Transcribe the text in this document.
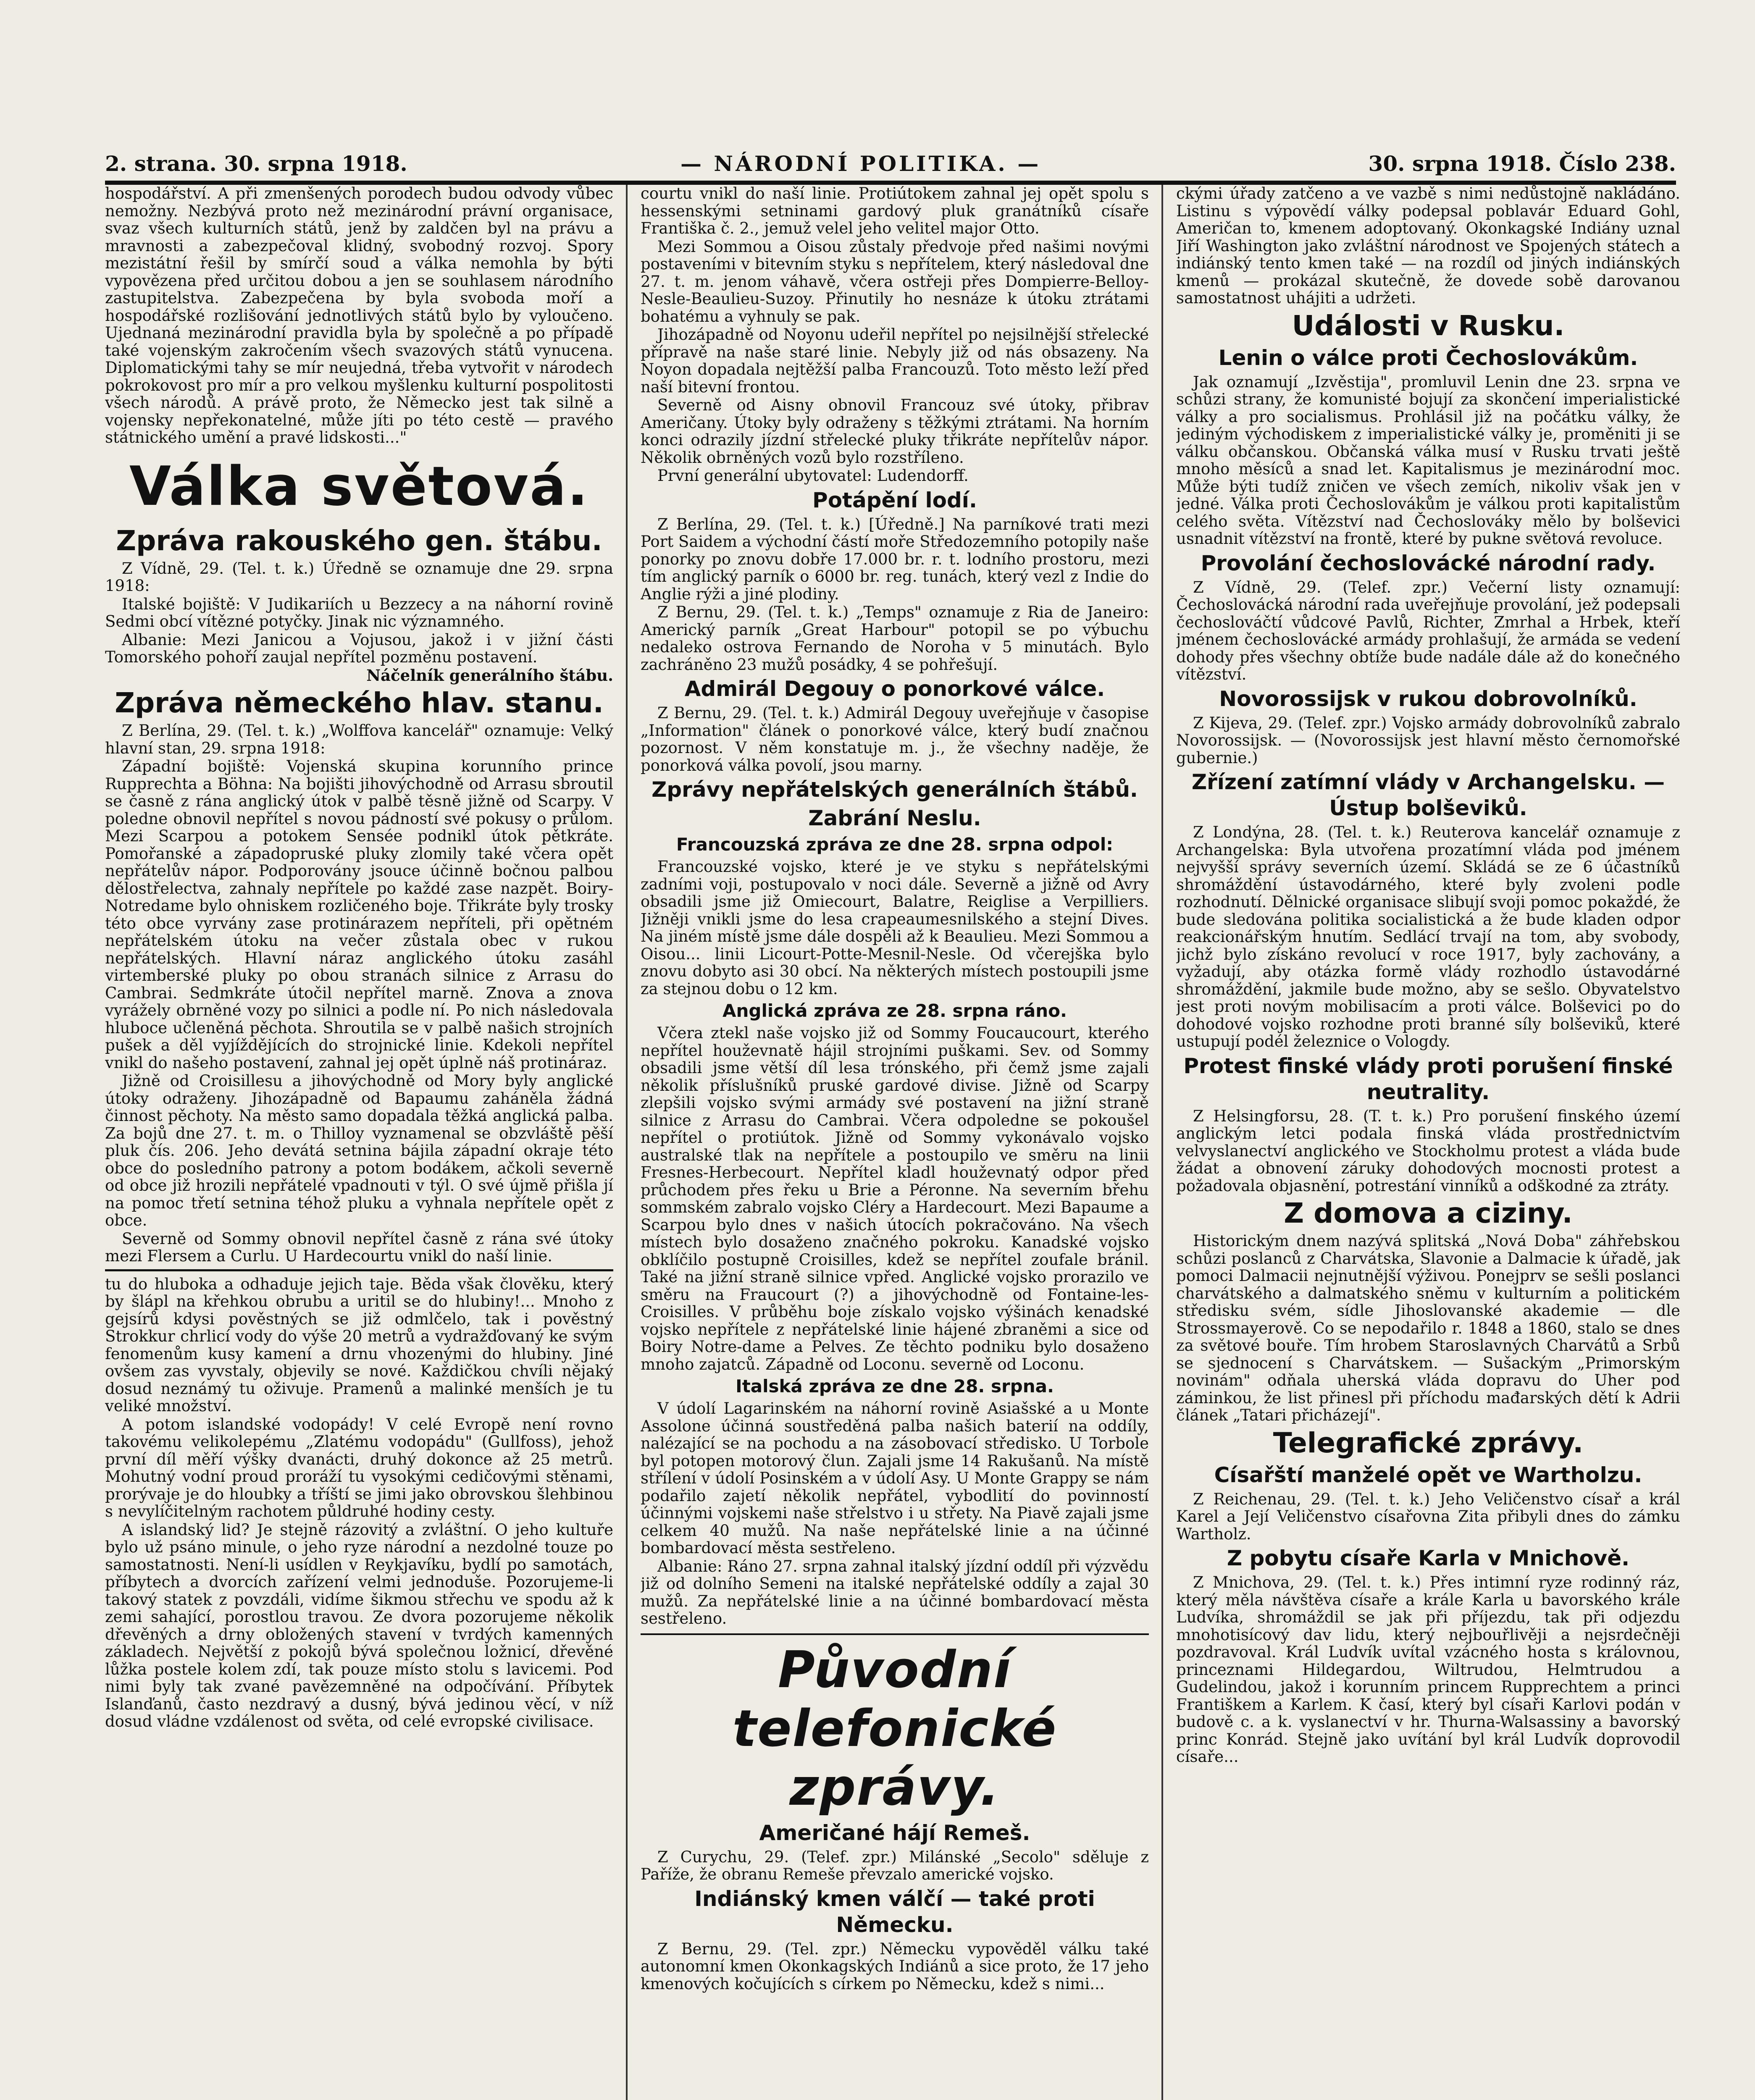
2. strana. 30. srpna 1918.	— NÁRODNÍ POLITIKA. —	30. srpna 1918. Číslo 238.

hospodářství. A při zmenšených porodech budou odvody vůbec nemožny. Nezbývá proto než mezinárodní právní organisace, svaz všech kulturních států, jenž by zaldčen byl na právu a mravnosti a zabezpečoval klidný, svobodný rozvoj. Spory mezistátní řešil by smírčí soud a válka nemohla by býti vypovězena před určitou dobou a jen se souhlasem národního zastupitelstva. Zabezpečena by byla svoboda moří a hospodářské rozlišování jednotlivých států bylo by vyloučeno. Ujednaná mezinárodní pravidla byla by společně a po případě také vojenským zakročením všech svazových států vynucena. Diplomatickými tahy se mír neujedná, třeba vytvořit v národech pokrokovost pro mír a pro velkou myšlenku kulturní pospolitosti všech národů. A právě proto, že Německo jest tak silně a vojensky nepřekonatelné, může jíti po této cestě — pravého státnického umění a pravé lidskosti..."

Válka světová.
Zpráva rakouského gen. štábu.

Z Vídně, 29. (Tel. t. k.) Úředně se oznamuje dne 29. srpna 1918:

Italské bojiště: V Judikariích u Bezzecy a na náhorní rovině Sedmi obcí vítězné potyčky. Jinak nic významného.

Albanie: Mezi Janicou a Vojusou, jakož i v jižní části Tomorského pohoří zaujal nepřítel pozměnu postavení.

Náčelník generálního štábu.

Zpráva německého hlav. stanu.

Z Berlína, 29. (Tel. t. k.) „Wolffova kancelář" oznamuje: Velký hlavní stan, 29. srpna 1918:

Západní bojiště: Vojenská skupina korunního prince Rupprechta a Böhna: Na bojišti jihovýchodně od Arrasu sbroutil se časně z rána anglický útok v palbě těsně jižně od Scarpy. V poledne obnovil nepřítel s novou pádností své pokusy o průlom. Mezi Scarpou a potokem Sensée podnikl útok pětkráte. Pomořanské a západopruské pluky zlomily také včera opět nepřátelův nápor. Podporovány jsouce účinně bočnou palbou dělostřelectva, zahnaly nepřítele po každé zase nazpět. Boiry-Notredame bylo ohniskem rozličeného boje. Třikráte byly trosky této obce vyrvány zase protinárazem nepříteli, při opětném nepřátelském útoku na večer zůstala obec v rukou nepřátelských. Hlavní náraz anglického útoku zasáhl virtemberské pluky po obou stranách silnice z Arrasu do Cambrai. Sedmkráte útočil nepřítel marně. Znova a znova vyrážely obrněné vozy po silnici a podle ní. Po nich následovala hluboce učleněná pěchota. Shroutila se v palbě našich strojních pušek a děl vyjíždějících do strojnické linie. Kdekoli nepřítel vnikl do našeho postavení, zahnal jej opět úplně náš protináraz.

Jižně od Croisillesu a jihovýchodně od Mory byly anglické útoky odraženy. Jihozápadně od Bapaumu zaháněla žádná činnost pěchoty. Na město samo dopadala těžká anglická palba. Za bojů dne 27. t. m. o Thilloy vyznamenal se obzvláště pěší pluk čís. 206. Jeho devátá setnina bájila západní okraje této obce do posledního patrony a potom bodákem, ačkoli severně od obce již hrozili nepřátelé vpadnouti v týl. O své újmě přišla jí na pomoc třetí setnina téhož pluku a vyhnala nepřítele opět z obce.

Severně od Sommy obnovil nepřítel časně z rána své útoky mezi Flersem a Curlu. U Hardecourtu vnikl do naší linie.

tu do hluboka a odhaduje jejich taje. Běda však člověku, který by šlápl na křehkou obrubu a uritil se do hlubiny!... Mnoho z gejsírů kdysi pověstných se již odmlčelo, tak i pověstný Strokkur chrlicí vody do výše 20 metrů a vydražďovaný ke svým fenomenům kusy kamení a drnu vhozenými do hlubiny. Jiné ovšem zas vyvstaly, objevily se nové. Každičkou chvíli nějaký dosud neznámý tu oživuje. Pramenů a malinké menších je tu veliké množství.

A potom islandské vodopády! V celé Evropě není rovno takovému velikolepému „Zlatému vodopádu" (Gullfoss), jehož první díl měří výšky dvanácti, druhý dokonce až 25 metrů. Mohutný vodní proud proráží tu vysokými cedičovými stěnami, prorývaje je do hloubky a tříští se jimi jako obrovskou šlehbinou s nevylíčitelným rachotem půldruhé hodiny cesty.

A islandský lid? Je stejně rázovitý a zvláštní. O jeho kultuře bylo už psáno minule, o jeho ryze národní a nezdolné touze po samostatnosti. Není-li usídlen v Reykjavíku, bydlí po samotách, příbytech a dvorcích zařízení velmi jednoduše. Pozorujeme-li takový statek z povzdáli, vidíme šikmou střechu ve spodu až k zemi sahající, porostlou travou. Ze dvora pozorujeme několik dřevěných a drny obložených stavení v tvrdých kamenných základech. Největší z pokojů bývá společnou ložnicí, dřevěné lůžka postele kolem zdí, tak pouze místo stolu s lavicemi. Pod nimi byly tak zvané pavězemněné na odpočívání. Příbytek Islanďanů, často nezdravý a dusný, bývá jedinou věcí, v níž dosud vládne vzdálenost od světa, od celé evropské civilisace.

courtu vnikl do naší linie. Protiútokem zahnal jej opět spolu s hessenskými setninami gardový pluk granátníků císaře Františka č. 2., jemuž velel jeho velitel major Otto.

Mezi Sommou a Oisou zůstaly předvoje před našimi novými postaveními v bitevním styku s nepřítelem, který následoval dne 27. t. m. jenom váhavě, včera ostřeji přes Dompierre-Belloy-Nesle-Beaulieu-Suzoy. Přinutily ho nesnáze k útoku ztrátami bohatému a vyhnuly se pak.

Jihozápadně od Noyonu udeřil nepřítel po nejsilnější střelecké přípravě na naše staré linie. Nebyly již od nás obsazeny. Na Noyon dopadala nejtěžší palba Francouzů. Toto město leží před naší bitevní frontou.

Severně od Aisny obnovil Francouz své útoky, přibrav Američany. Útoky byly odraženy s těžkými ztrátami. Na horním konci odrazily jízdní střelecké pluky třikráte nepřítelův nápor. Několik obrněných vozů bylo rozstříleno.

První generální ubytovatel: Ludendorff.

Potápění lodí.

Z Berlína, 29. (Tel. t. k.) [Úředně.] Na parníkové trati mezi Port Saidem a východní částí moře Středozemního potopily naše ponorky po znovu dobře 17.000 br. r. t. lodního prostoru, mezi tím anglický parník o 6000 br. reg. tunách, který vezl z Indie do Anglie rýži a jiné plodiny.

Z Bernu, 29. (Tel. t. k.) „Temps" oznamuje z Ria de Janeiro: Americký parník „Great Harbour" potopil se po výbuchu nedaleko ostrova Fernando de Noroha v 5 minutách. Bylo zachráněno 23 mužů posádky, 4 se pohřešují.

Admirál Degouy o ponorkové válce.

Z Bernu, 29. (Tel. t. k.) Admirál Degouy uveřejňuje v časopise „Information" článek o ponorkové válce, který budí značnou pozornost. V něm konstatuje m. j., že všechny naděje, že ponorková válka povolí, jsou marny.

Zprávy nepřátelských generálních štábů.
Zabrání Neslu.
Francouzská zpráva ze dne 28. srpna odpol:

Francouzské vojsko, které je ve styku s nepřátelskými zadními voji, postupovalo v noci dále. Severně a jižně od Avry obsadili jsme již Omiecourt, Balatre, Reiglise a Verpilliers. Jižněji vnikli jsme do lesa crapeaumesnilského a stejní Dives. Na jiném místě jsme dále dospěli až k Beaulieu. Mezi Sommou a Oisou... linii Licourt-Potte-Mesnil-Nesle. Od včerejška bylo znovu dobyto asi 30 obcí. Na některých místech postoupili jsme za stejnou dobu o 12 km.

Anglická zpráva ze 28. srpna ráno.

Včera ztekl naše vojsko již od Sommy Foucaucourt, kterého nepřítel houževnatě hájil strojními puškami. Sev. od Sommy obsadili jsme větší díl lesa trónského, při čemž jsme zajali několik příslušníků pruské gardové divise. Jižně od Scarpy zlepšili vojsko svými armády své postavení na jižní straně silnice z Arrasu do Cambrai. Včera odpoledne se pokoušel nepřítel o protiútok. Jižně od Sommy vykonávalo vojsko australské tlak na nepřítele a postoupilo ve směru na linii Fresnes-Herbecourt. Nepřítel kladl houževnatý odpor před průchodem přes řeku u Brie a Péronne. Na severním břehu sommském zabralo vojsko Cléry a Hardecourt. Mezi Bapaume a Scarpou bylo dnes v našich útocích pokračováno. Na všech místech bylo dosaženo značného pokroku. Kanadské vojsko obklíčilo postupně Croisilles, kdež se nepřítel zoufale bránil. Také na jižní straně silnice vpřed. Anglické vojsko prorazilo ve směru na Fraucourt (?) a jihovýchodně od Fontaine-les-Croisilles. V průběhu boje získalo vojsko výšinách kenadské vojsko nepřítele z nepřátelské linie hájené zbraněmi a sice od Boiry Notre-dame a Pelves. Ze těchto podniku bylo dosaženo mnoho zajatců. Západně od Loconu. severně od Loconu.

Italská zpráva ze dne 28. srpna.

V údolí Lagarinském na náhorní rovině Asiašské a u Monte Assolone účinná soustředěná palba našich baterií na oddíly, nalézající se na pochodu a na zásobovací středisko. U Torbole byl potopen motorový člun. Zajali jsme 14 Rakušanů. Na místě střílení v údolí Posinském a v údolí Asy. U Monte Grappy se nám podařilo zajetí několik nepřátel, vybodlití do povinností účinnými vojskemi naše střelstvo i u střety. Na Piavě zajali jsme celkem 40 mužů. Na naše nepřátelské linie a na účinné bombardovací města sestřeleno.

Albanie: Ráno 27. srpna zahnal italský jízdní oddíl při výzvědu již od dolního Semeni na italské nepřátelské oddíly a zajal 30 mužů. Za nepřátelské linie a na účinné bombardovací města sestřeleno.

Původní telefonické zprávy.
Američané hájí Remeš.

Z Curychu, 29. (Telef. zpr.) Milánské „Secolo" sděluje z Paříže, že obranu Remeše převzalo americké vojsko.

Indiánský kmen válčí — také proti Německu.

Z Bernu, 29. (Tel. zpr.) Německu vypověděl válku také autonomní kmen Okonkagských Indiánů a sice proto, že 17 jeho kmenových kočujících s církem po Německu, kdež s nimi...

ckými úřady zatčeno a ve vazbě s nimi nedůstojně nakládáno. Listinu s výpovědí války podepsal poblavár Eduard Gohl, Američan to, kmenem adoptovaný. Okonkagské Indiány uznal Jiří Washington jako zvláštní národnost ve Spojených státech a indiánský tento kmen také — na rozdíl od jiných indiánských kmenů — prokázal skutečně, že dovede sobě darovanou samostatnost uhájiti a udržeti.

Události v Rusku.
Lenin o válce proti Čechoslovákům.

Jak oznamují „Izvěstija", promluvil Lenin dne 23. srpna ve schůzi strany, že komunisté bojují za skončení imperialistické války a pro socialismus. Prohlásil již na počátku války, že jediným východiskem z imperialistické války je, proměniti ji se válku občanskou. Občanská válka musí v Rusku trvati ještě mnoho měsíců a snad let. Kapitalismus je mezinárodní moc. Může býti tudíž zničen ve všech zemích, nikoliv však jen v jedné. Válka proti Čechoslovákům je válkou proti kapitalistům celého světa. Vítězství nad Čechoslováky mělo by bolševici usnadnit vítězství na frontě, které by pukne světová revoluce.

Provolání čechoslovácké národní rady.

Z Vídně, 29. (Telef. zpr.) Večerní listy oznamují: Čechoslovácká národní rada uveřejňuje provolání, jež podepsali čechoslováčtí vůdcové Pavlů, Richter, Zmrhal a Hrbek, kteří jménem čechoslovácké armády prohlašují, že armáda se vedení dohody přes všechny obtíže bude nadále dále až do konečného vítězství.

Novorossijsk v rukou dobrovolníků.

Z Kijeva, 29. (Telef. zpr.) Vojsko armády dobrovolníků zabralo Novorossijsk. — (Novorossijsk jest hlavní město černomořské gubernie.)

Zřízení zatímní vlády v Archangelsku. — Ústup bolševiků.

Z Londýna, 28. (Tel. t. k.) Reuterova kancelář oznamuje z Archangelska: Byla utvořena prozatímní vláda pod jménem nejvyšší správy severních území. Skládá se ze 6 účastníků shromáždění ústavodárného, které byly zvoleni podle rozhodnutí. Dělnické organisace slibují svoji pomoc pokaždé, že bude sledována politika socialistická a že bude kladen odpor reakcionářským hnutím. Sedlácí trvají na tom, aby svobody, jichž bylo získáno revolucí v roce 1917, byly zachovány, a vyžadují, aby otázka formě vlády rozhodlo ústavodárné shromáždění, jakmile bude možno, aby se sešlo. Obyvatelstvo jest proti novým mobilisacím a proti válce. Bolševici po do dohodové vojsko rozhodne proti branné síly bolševiků, které ustupují podél železnice o Vologdy.

Protest finské vlády proti porušení finské neutrality.

Z Helsingforsu, 28. (T. t. k.) Pro porušení finského území anglickým letci podala finská vláda prostřednictvím velvyslanectví anglického ve Stockholmu protest a vláda bude žádat a obnovení záruky dohodových mocnosti protest a požadovala objasnění, potrestání vinníků a odškodné za ztráty.

Z domova a ciziny.

Historickým dnem nazývá splitská „Nová Doba" záhřebskou schůzi poslanců z Charvátska, Slavonie a Dalmacie k úřadě, jak pomoci Dalmacii nejnutnější výživou. Ponejprv se sešli poslanci charvátského a dalmatského sněmu v kulturním a politickém středisku svém, sídle Jihoslovanské akademie — dle Strossmayerově. Co se nepodařilo r. 1848 a 1860, stalo se dnes za světové bouře. Tím hrobem Staroslavných Charvátů a Srbů se sjednocení s Charvátskem. — Sušackým „Primorským novinám" odňala uherská vláda dopravu do Uher pod záminkou, že list přinesl při příchodu mađarských dětí k Adrii článek „Tatari přicházejí".

Telegrafické zprávy.
Císařští manželé opět ve Wartholzu.

Z Reichenau, 29. (Tel. t. k.) Jeho Veličenstvo císař a král Karel a Její Veličenstvo císařovna Zita přibyli dnes do zámku Wartholz.

Z pobytu císaře Karla v Mnichově.

Z Mnichova, 29. (Tel. t. k.) Přes intimní ryze rodinný ráz, který měla návštěva císaře a krále Karla u bavorského krále Ludvíka, shromáždil se jak při příjezdu, tak při odjezdu mnohotisícový dav lidu, který nejbouřlivěji a nejsrdečněji pozdravoval. Král Ludvík uvítal vzácného hosta s královnou, princeznami Hildegardou, Wiltrudou, Helmtrudou a Gudelindou, jakož i korunním princem Rupprechtem a princi Františkem a Karlem. K časí, který byl císaři Karlovi podán v budově c. a k. vyslanectví v hr. Thurna-Walsassiny a bavorský princ Konrád. Stejně jako uvítání byl král Ludvík doprovodil císaře...
